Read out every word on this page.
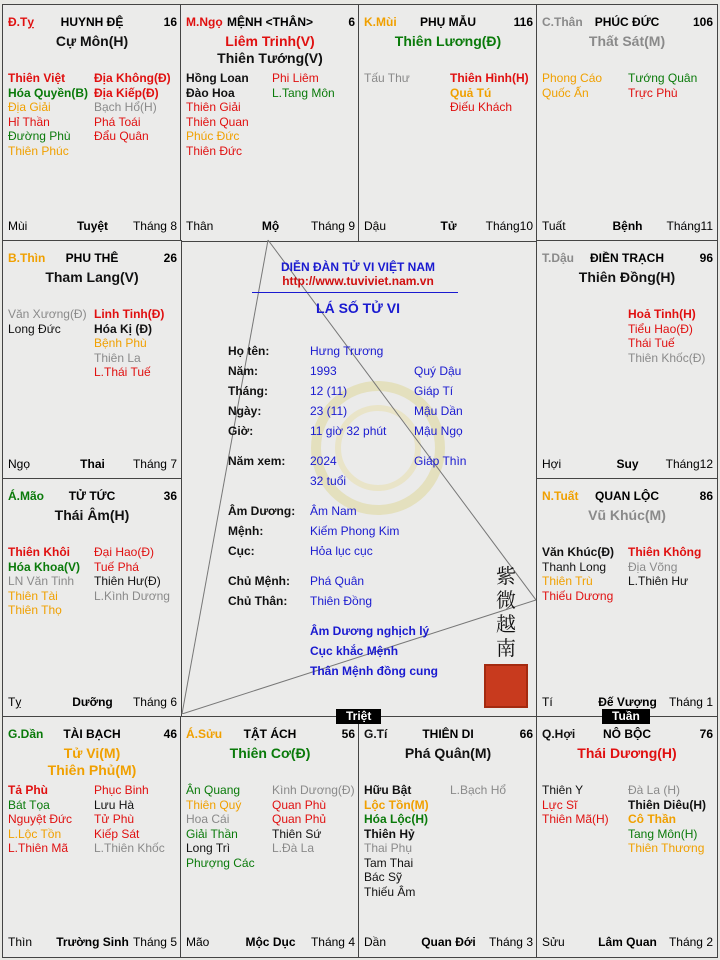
Đ.Tỵ	HUYNH ĐỆ	16
Cự Môn(H)
Thiên Việt
Hóa Quyền(B)
Địa Giải
Hỉ Thần
Đường Phù
Thiên Phúc
Địa Không(Đ)
Địa Kiếp(Đ)
Bạch Hổ(H)
Phá Toái
Đẩu Quân
Mùi	Tuyệt	Tháng 8
M.Ngọ MỆNH <THÂN>	6
Liêm Trinh(V)
Thiên Tướng(V)
Hồng Loan
Đào Hoa
Thiên Giải
Thiên Quan
Phúc Đức
Thiên Đức
Phi Liêm
L.Tang Môn
Thân	Mộ	Tháng 9
K.Mùi	PHỤ MẪU	116
Thiên Lương(Đ)
Tấu Thư	Thiên Hình(H)
Quả Tú
Điếu Khách
Dậu	Tử	Tháng10
C.Thân	PHÚC ĐỨC	106
Thất Sát(M)
Phong Cáo
Quốc Ấn
Tướng Quân
Trực Phù
Tuất	Bệnh	Tháng11
B.Thìn	PHU THÊ	26
Tham Lang(V)
Văn Xương(Đ)
Long Đức
Linh Tinh(Đ)
Hóa Kị (Đ)
Bệnh Phù
Thiên La
L.Thái Tuế
Ngọ	Thai	Tháng 7
T.Dậu	ĐIỀN TRẠCH	96
Thiên Đồng(H)
Hoả Tinh(H)
Tiểu Hao(Đ)
Thái Tuế
Thiên Khốc(Đ)
Hợi	Suy	Tháng12
Á.Mão	TỬ TỨC	36
Thái Âm(H)
Thiên Khôi
Hóa Khoa(V)
LN Văn Tinh
Thiên Tài
Thiên Thọ
Đại Hao(Đ)
Tuế Phá
Thiên Hư(Đ)
L.Kình Dương
Tỵ	Dưỡng	Tháng 6
N.Tuất	QUAN LỘC	86
Vũ Khúc(M)
Văn Khúc(Đ)
Thanh Long
Thiên Trù
Thiếu Dương
Thiên Không
Địa Võng
L.Thiên Hư
Tí	Đế Vượng	Tháng 1
G.Dần	TÀI BẠCH	46
Tử Vi(M)
Thiên Phủ(M)
Tả Phù
Bát Tọa
Nguyệt Đức
L.Lộc Tồn
L.Thiên Mã
Phục Binh
Lưu Hà
Tử Phù
Kiếp Sát
L.Thiên Khốc
Thìn	Trường Sinh Tháng 5
Á.Sửu	TẬT ÁCH	56
Thiên Cơ(Đ)
Ân Quang
Thiên Quý
Hoa Cái
Giải Thần
Long Trì
Phượng Các
Kình Dương(Đ)
Quan Phù
Quan Phủ
Thiên Sứ
L.Đà La
Mão	Mộc Dục	Tháng 4
G.Tí	THIÊN DI	66
Phá Quân(M)
Hữu Bật
Lộc Tồn(M)
Hóa Lộc(H)
Thiên Hỷ
Thai Phụ
Tam Thai
Bác Sỹ
Thiếu Âm
L.Bạch Hổ
Dần	Quan Đới	Tháng 3
Q.Hợi	NÔ BỘC	76
Thái Dương(H)
Thiên Y
Lực Sĩ
Thiên Mã(H)
Đà La (H)
Thiên Diêu(H)
Cô Thần
Tang Môn(H)
Thiên Thương
Sửu	Lâm Quan	Tháng 2
DIỄN ĐÀN TỬ VI VIỆT NAM
http://www.tuviviet.nam.vn
LÁ SỐ TỬ VI
Họ tên:	Hưng Trương
Năm:	1993	Quý Dậu
Tháng:	12 (11)	Giáp Tí
Ngày:	23 (11)	Mậu Dần
Giờ:	11 giờ 32 phút Mậu Ngọ
Năm xem: 2024	Giáp Thìn
32 tuổi
Âm Dương: Âm Nam
Mệnh:	Kiếm Phong Kim
Cục:	Hỏa lục cục
Chủ Mệnh: Phá Quân
Chủ Thân: Thiên Đồng
Âm Dương nghịch lý
Cục khắc Mệnh
Thân Mệnh đồng cung
紫微越南
Triệt	Tuần
